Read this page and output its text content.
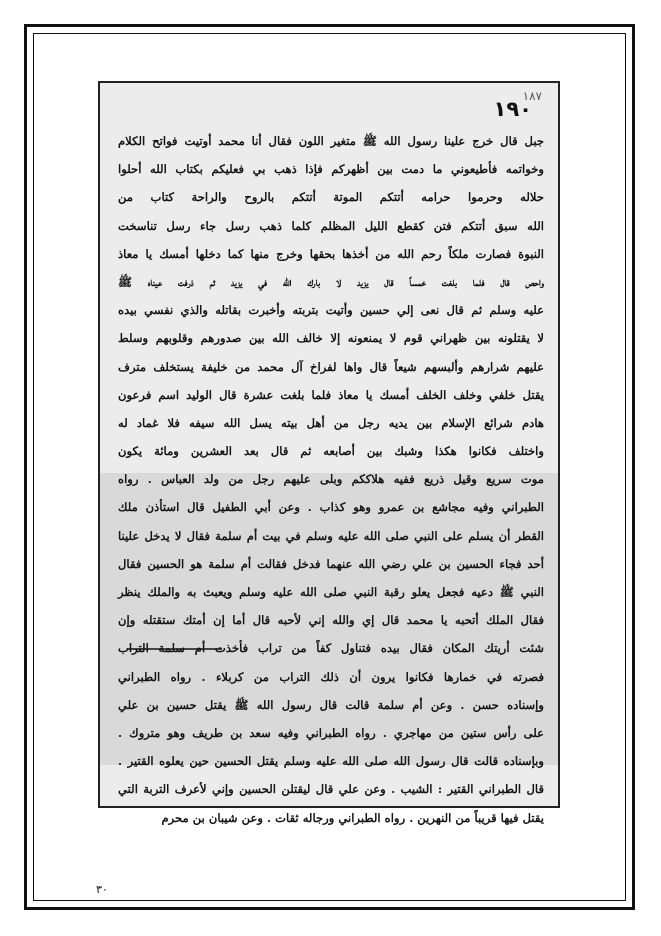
١٨٧
١٩٠
جبل قال خرج علينا رسول الله ﷺ متغير اللون فقال أنا محمد أوتيت فواتح الكلام
وخواتمه فأطيعوني ما دمت بين أظهركم فإذا ذهب بي فعليكم بكتاب الله أحلوا
حلاله وحرموا حرامه أتتكم الموتة أتتكم بالروح والراحة كتاب من
الله سبق أتتكم فتن كقطع الليل المظلم كلما ذهب رسل جاء رسل تناسخت
النبوة فصارت ملكاً رحم الله من أخذها بحقها وخرج منها كما دخلها أمسك يا معاذ
واحص قال فلما بلغت خمساً قال يزيد لا بارك الله في يزيد ثم ذرفت عيناه ﷺ
عليه وسلم ثم قال نعى إلي حسين وأتيت بتربته وأخبرت بقاتله والذي نفسي بيده
لا يقتلونه بين ظهراني قوم لا يمنعونه إلا خالف الله بين صدورهم وقلوبهم وسلط
عليهم شرارهم وألبسهم شيعاً قال واها لفراخ آل محمد من خليفة يستخلف مترف
يقتل خلفي وخلف الخلف أمسك يا معاذ فلما بلغت عشرة قال الوليد اسم فرعون
هادم شرائع الإسلام بين يديه رجل من أهل بيته يسل الله سيفه فلا غماد له
واختلف فكانوا هكذا وشبك بين أصابعه ثم قال بعد العشرين ومائة يكون
موت سريع وقيل ذريع ففيه هلاككم وبلى عليهم رجل من ولد العباس . رواه
الطبراني وفيه مجاشع بن عمرو وهو كذاب . وعن أبي الطفيل قال استأذن ملك
القطر أن يسلم على النبي صلى الله عليه وسلم في بيت أم سلمة فقال لا يدخل علينا
أحد فجاء الحسين بن علي رضي الله عنهما فدخل فقالت أم سلمة هو الحسين فقال
النبي ﷺ دعيه فجعل يعلو رقبة النبي صلى الله عليه وسلم ويعبث به والملك ينظر
فقال الملك أتحبه يا محمد قال إي والله إني لأحبه قال أما إن أمتك ستقتله وإن
شئت أريتك المكان فقال بيده فتناول كفاً من تراب فأخذت أم سلمة التراب
فصرته في خمارها فكانوا يرون أن ذلك التراب من كربلاء . رواه الطبراني
وإسناده حسن . وعن أم سلمة قالت قال رسول الله ﷺ يقتل حسين بن علي
على رأس ستين من مهاجري . رواه الطبراني وفيه سعد بن طريف وهو متروك .
وبإسناده قالت قال رسول الله صلى الله عليه وسلم يقتل الحسين حين يعلوه القتير .
قال الطبراني القتير : الشيب . وعن علي قال ليقتلن الحسين وإني لأعرف التربة التي
يقتل فيها قريباً من النهرين . رواه الطبراني ورجاله ثقات . وعن شيبان بن محرم
٣٠
